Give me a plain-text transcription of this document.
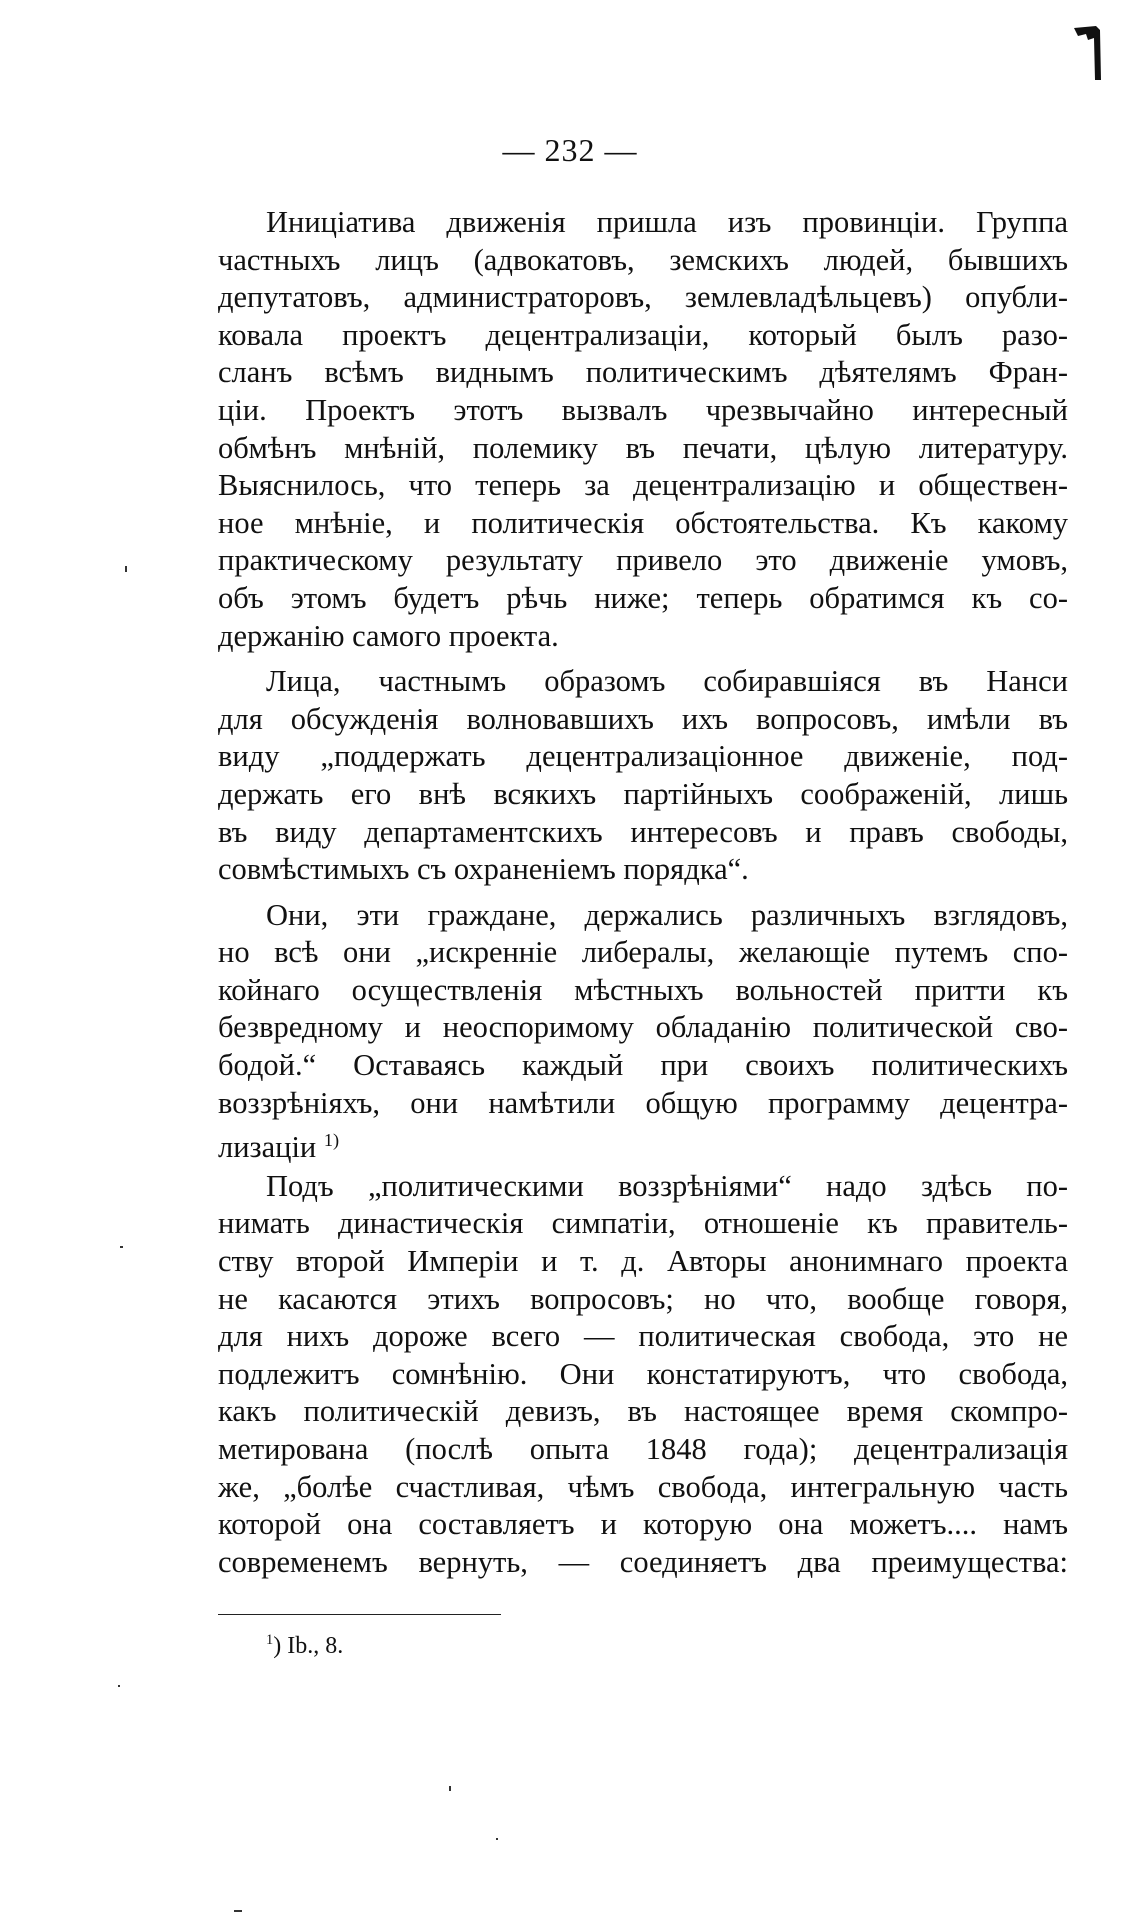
— 232 —
Иниціатива движенія пришла изъ провинціи. Группа
частныхъ лицъ (адвокатовъ, земскихъ людей, бывшихъ
депутатовъ, администраторовъ, землевладѣльцевъ) опубли-
ковала проектъ децентрализаціи, который былъ разо-
сланъ всѣмъ виднымъ политическимъ дѣятелямъ Фран-
ціи. Проектъ этотъ вызвалъ чрезвычайно интересный
обмѣнъ мнѣній, полемику въ печати, цѣлую литературу.
Выяснилось, что теперь за децентрализацію и обществен-
ное мнѣніе, и политическія обстоятельства. Къ какому
практическому результату привело это движеніе умовъ,
объ этомъ будетъ рѣчь ниже; теперь обратимся къ со-
держанію самого проекта.
Лица, частнымъ образомъ собиравшіяся въ Нанси
для обсужденія волновавшихъ ихъ вопросовъ, имѣли въ
виду „поддержать децентрализаціонное движеніе, под-
держать его внѣ всякихъ партійныхъ соображеній, лишь
въ виду департаментскихъ интересовъ и правъ свободы,
совмѣстимыхъ съ охраненіемъ порядка“.
Они, эти граждане, держались различныхъ взглядовъ,
но всѣ они „искренніе либералы, желающіе путемъ спо-
койнаго осуществленія мѣстныхъ вольностей притти къ
безвредному и неоспоримому обладанію политической сво-
бодой.“ Оставаясь каждый при своихъ политическихъ
воззрѣніяхъ, они намѣтили общую программу децентра-
лизаціи $^{1)}$
Подъ „политическими воззрѣніями“ надо здѣсь по-
нимать династическія симпатіи, отношеніе къ правитель-
ству второй Имперіи и т. д. Авторы анонимнаго проекта
не касаются этихъ вопросовъ; но что, вообще говоря,
для нихъ дороже всего — политическая свобода, это не
подлежитъ сомнѣнію. Они констатируютъ, что свобода,
какъ политическій девизъ, въ настоящее время скомпро-
метирована (послѣ опыта 1848 года); децентрализація
же, „болѣе счастливая, чѣмъ свобода, интегральную часть
которой она составляетъ и которую она можетъ.... намъ
современемъ вернуть, — соединяетъ два преимущества:
$^1$) Ib., 8.
